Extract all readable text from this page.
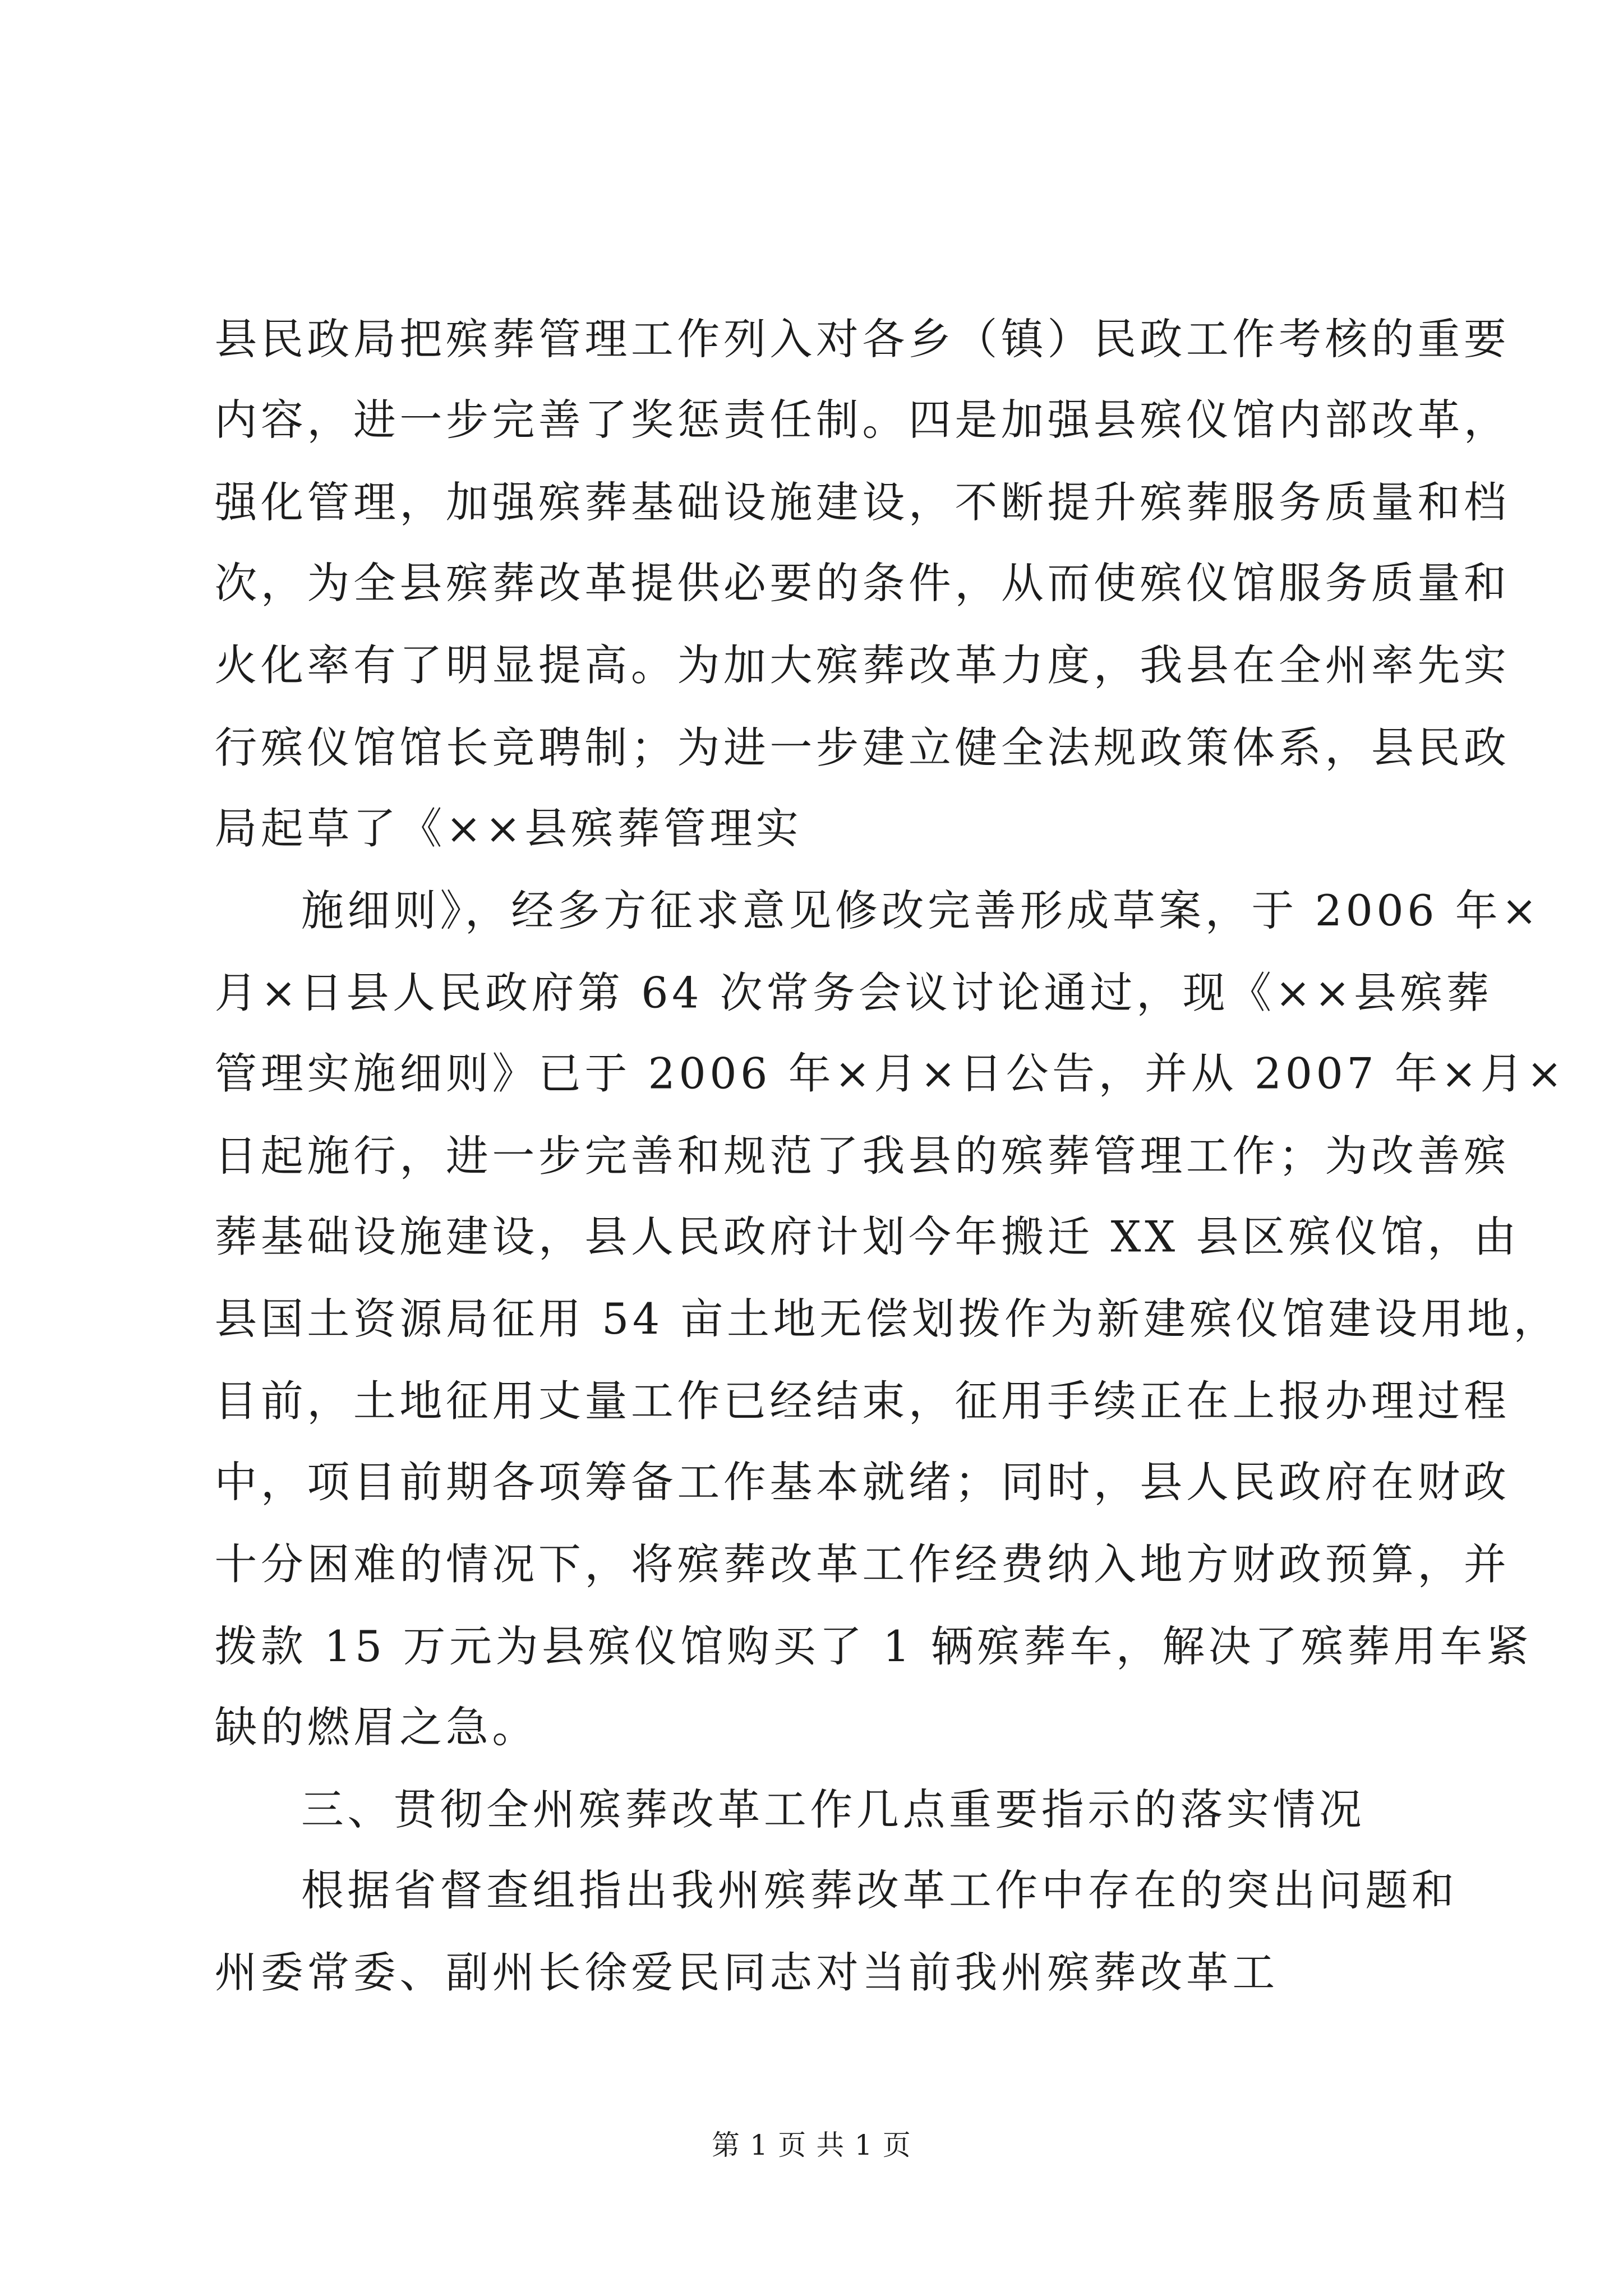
县民政局把殡葬管理工作列入对各乡（镇）民政工作考核的重要
内容，进一步完善了奖惩责任制。四是加强县殡仪馆内部改革，
强化管理，加强殡葬基础设施建设，不断提升殡葬服务质量和档
次，为全县殡葬改革提供必要的条件，从而使殡仪馆服务质量和
火化率有了明显提高。为加大殡葬改革力度，我县在全州率先实
行殡仪馆馆长竞聘制；为进一步建立健全法规政策体系，县民政
局起草了《××县殡葬管理实
施细则》，经多方征求意见修改完善形成草案，于 2006 年×
月×日县人民政府第 64 次常务会议讨论通过，现《××县殡葬
管理实施细则》已于 2006 年×月×日公告，并从 2007 年×月×
日起施行，进一步完善和规范了我县的殡葬管理工作；为改善殡
葬基础设施建设，县人民政府计划今年搬迁 XX 县区殡仪馆，由
县国土资源局征用 54 亩土地无偿划拨作为新建殡仪馆建设用地，
目前，土地征用丈量工作已经结束，征用手续正在上报办理过程
中，项目前期各项筹备工作基本就绪；同时，县人民政府在财政
十分困难的情况下，将殡葬改革工作经费纳入地方财政预算，并
拨款 15 万元为县殡仪馆购买了 1 辆殡葬车，解决了殡葬用车紧
缺的燃眉之急。
三、贯彻全州殡葬改革工作几点重要指示的落实情况
根据省督查组指出我州殡葬改革工作中存在的突出问题和
州委常委、副州长徐爱民同志对当前我州殡葬改革工
第 1 页 共 1 页
